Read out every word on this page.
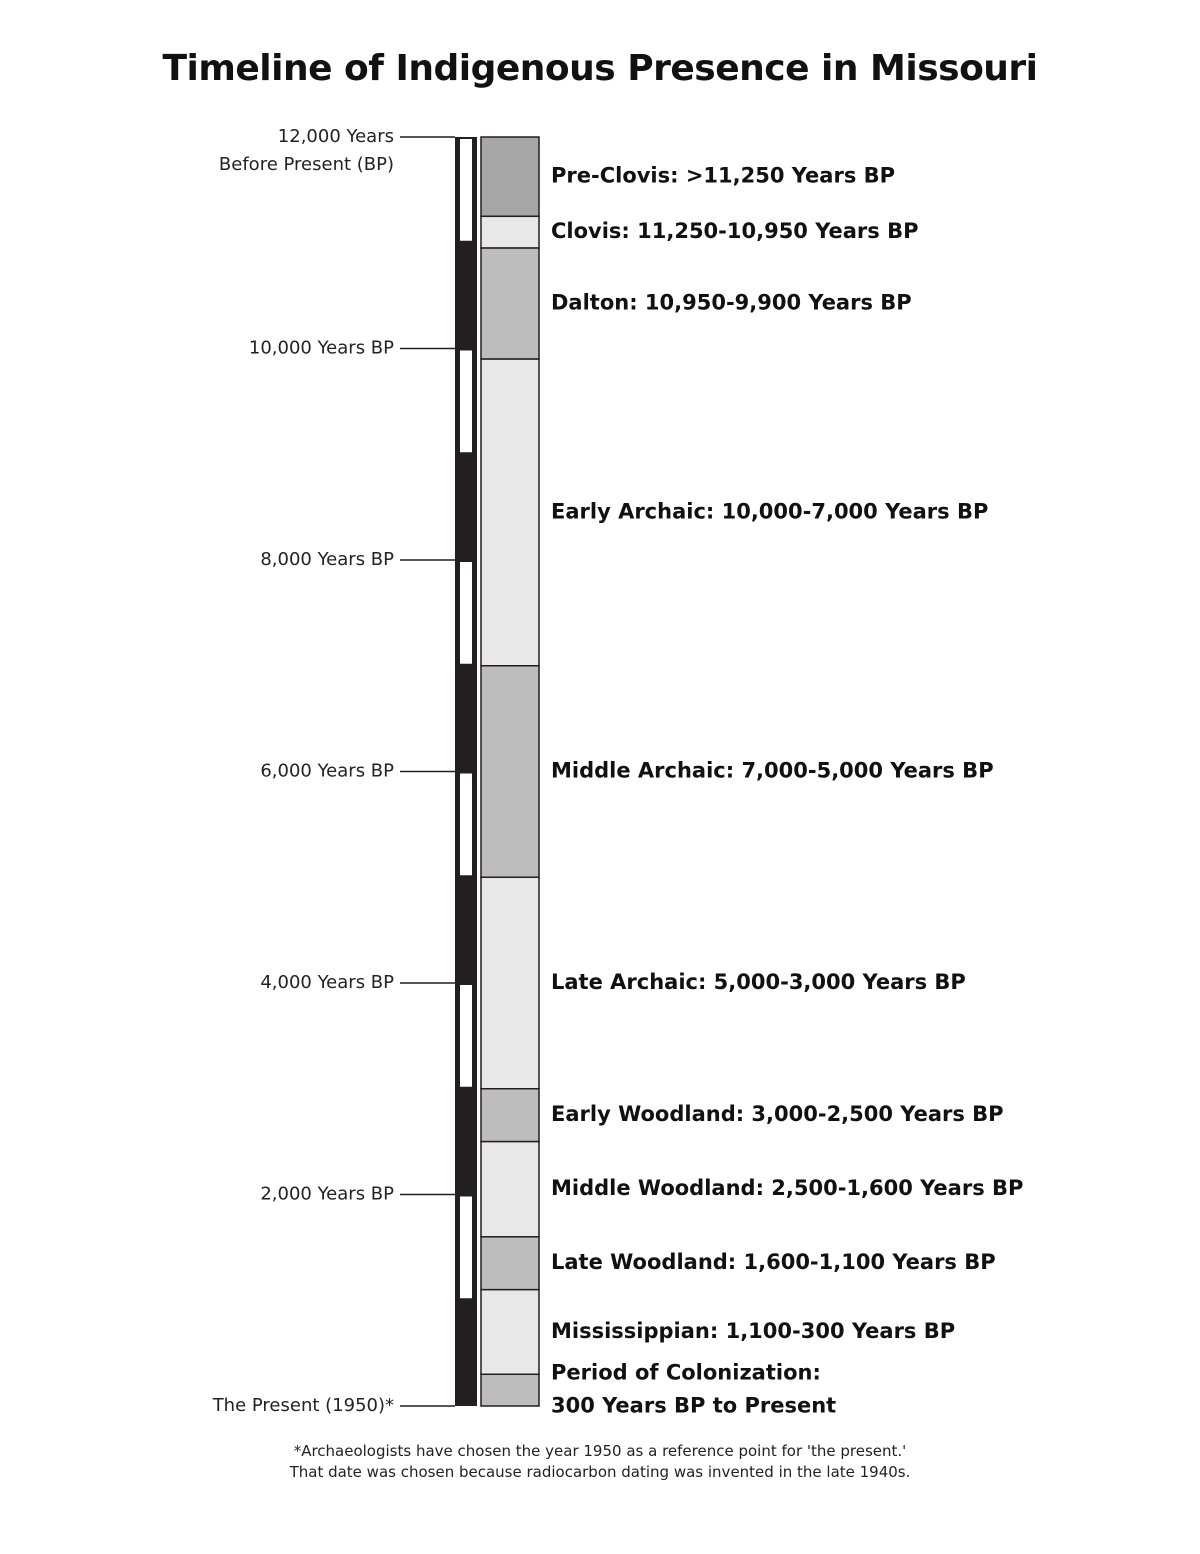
Timeline of Indigenous Presence in Missouri
Pre-Clovis: >11,250 Years BP
Clovis: 11,250-10,950 Years BP
Dalton: 10,950-9,900 Years BP
Early Archaic: 10,000-7,000 Years BP
Middle Archaic: 7,000-5,000 Years BP
Late Archaic: 5,000-3,000 Years BP
Early Woodland: 3,000-2,500 Years BP
Middle Woodland: 2,500-1,600 Years BP
Late Woodland: 1,600-1,100 Years BP
Mississippian: 1,100-300 Years BP
Period of Colonization:
300 Years BP to Present
12,000 Years
Before Present (BP)
10,000 Years BP
8,000 Years BP
6,000 Years BP
4,000 Years BP
2,000 Years BP
The Present (1950)*
*Archaeologists have chosen the year 1950 as a reference point for 'the present.'
That date was chosen because radiocarbon dating was invented in the late 1940s.
